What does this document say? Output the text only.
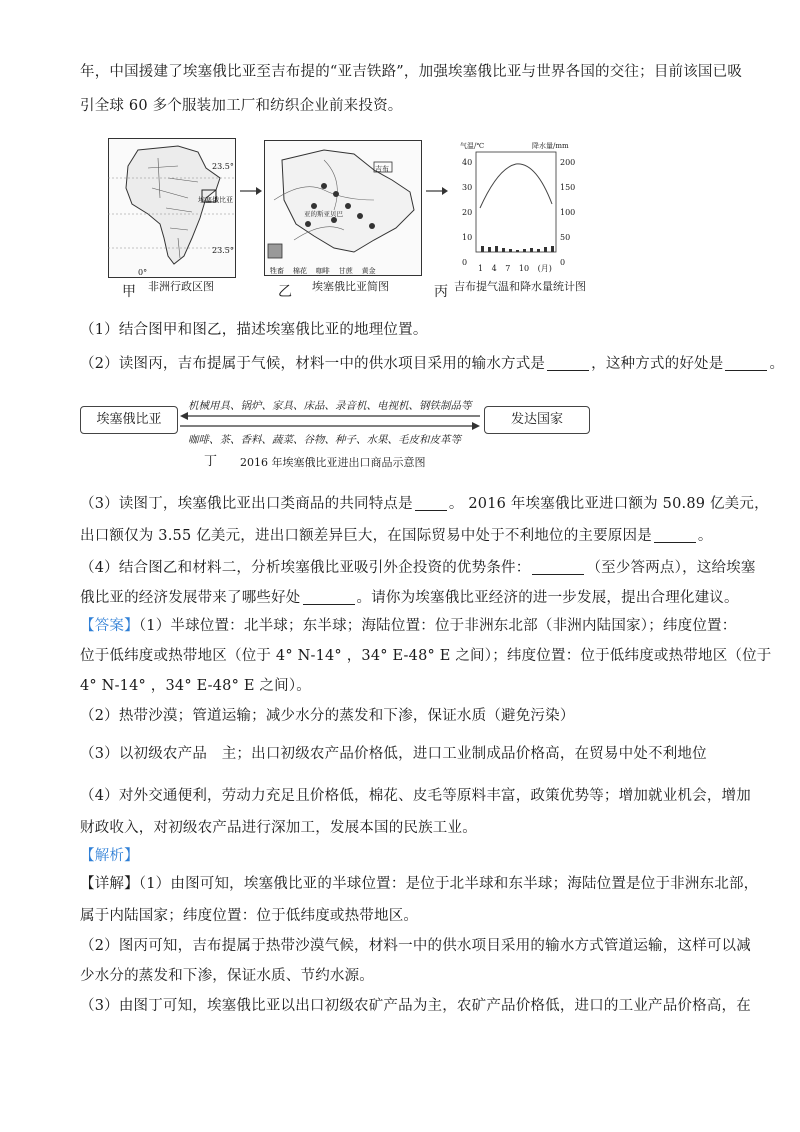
年，中国援建了埃塞俄比亚至吉布提的“亚吉铁路”，加强埃塞俄比亚与世界各国的交往；目前该国已吸
引全球 60 多个服装加工厂和纺织企业前来投资。
23.5°
23.5°
0°
埃塞俄比亚
甲 非洲行政区图
亚的斯亚贝巴
吉布
牲畜 棉花 咖啡 甘蔗 黄金
乙 埃塞俄比亚简图
气温/℃	降水量/mm
40
30
20
10
0
200
150
100
50
0
1 4 7 10 (月)
丙 吉布提气温和降水量统计图
（1）结合图甲和图乙，描述埃塞俄比亚的地理位置。
（2）读图丙，吉布提属于气候，材料一中的供水项目采用的输水方式是	，这种方式的好处是	。
埃塞俄比亚	发达国家
机械用具、锅炉、家具、床品、录音机、电视机、钢铁制品等
咖啡、茶、香料、蔬菜、谷物、种子、水果、毛皮和皮革等
丁 2016 年埃塞俄比亚进出口商品示意图
（3）读图丁，埃塞俄比亚出口类商品的共同特点是 。 2016 年埃塞俄比亚进口额为 50.89 亿美元，
出口额仅为 3.55 亿美元，进出口额差异巨大，在国际贸易中处于不利地位的主要原因是	。
（4）结合图乙和材料二，分析埃塞俄比亚吸引外企投资的优势条件：	（至少答两点），这给埃塞
俄比亚的经济发展带来了哪些好处	。请你为埃塞俄比亚经济的进一步发展，提出合理化建议。
【答案】（1）半球位置：北半球；东半球；海陆位置：位于非洲东北部（非洲内陆国家）；纬度位置：
位于低纬度或热带地区（位于 4° N-14° ，34° E-48° E 之间）；纬度位置：位于低纬度或热带地区（位于
4° N-14° ，34° E-48° E 之间）。
（2）热带沙漠；管道运输；减少水分的蒸发和下渗，保证水质（避免污染）
（3）以初级农产品　主；出口初级农产品价格低，进口工业制成品价格高，在贸易中处不利地位
（4）对外交通便利，劳动力充足且价格低，棉花、皮毛等原料丰富，政策优势等；增加就业机会，增加
财政收入，对初级农产品进行深加工，发展本国的民族工业。
【解析】
【详解】（1）由图可知，埃塞俄比亚的半球位置：是位于北半球和东半球；海陆位置是位于非洲东北部，
属于内陆国家；纬度位置：位于低纬度或热带地区。
（2）图丙可知，吉布提属于热带沙漠气候，材料一中的供水项目采用的输水方式管道运输，这样可以减
少水分的蒸发和下渗，保证水质、节约水源。
（3）由图丁可知，埃塞俄比亚以出口初级农矿产品为主，农矿产品价格低，进口的工业产品价格高，在
